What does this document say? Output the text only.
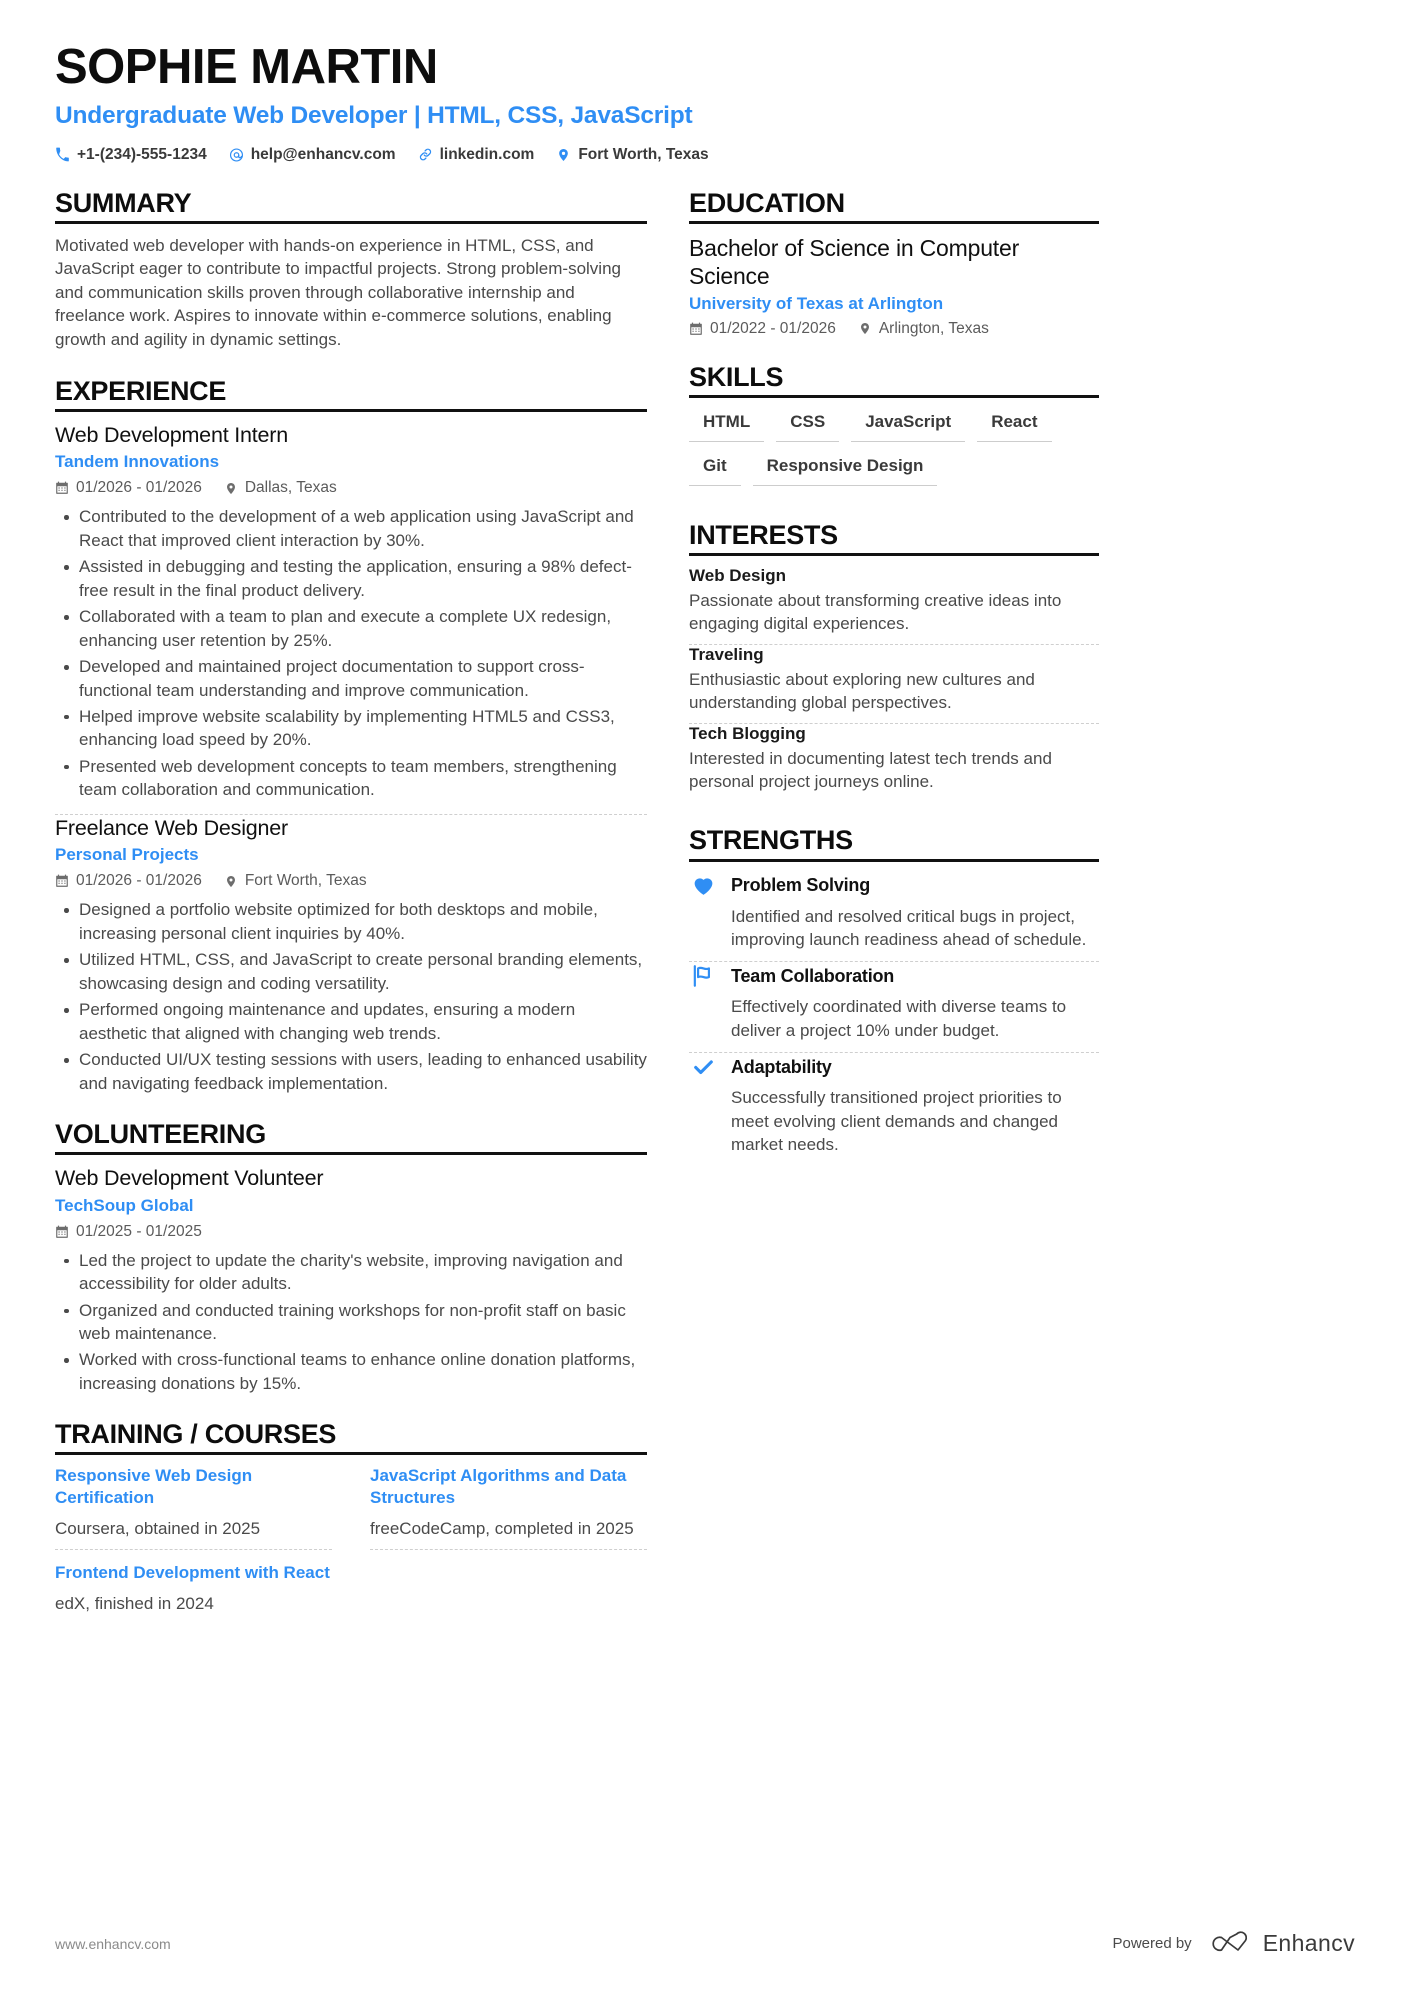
SOPHIE MARTIN
Undergraduate Web Developer | HTML, CSS, JavaScript
+1-(234)-555-1234	help@enhancv.com	linkedin.com	Fort Worth, Texas
SUMMARY
Motivated web developer with hands-on experience in HTML, CSS, and JavaScript eager to contribute to impactful projects. Strong problem-solving and communication skills proven through collaborative internship and freelance work. Aspires to innovate within e-commerce solutions, enabling growth and agility in dynamic settings.
EXPERIENCE
Web Development Intern
Tandem Innovations
01/2026 - 01/2026	Dallas, Texas
Contributed to the development of a web application using JavaScript and React that improved client interaction by 30%.
Assisted in debugging and testing the application, ensuring a 98% defect-free result in the final product delivery.
Collaborated with a team to plan and execute a complete UX redesign, enhancing user retention by 25%.
Developed and maintained project documentation to support cross-functional team understanding and improve communication.
Helped improve website scalability by implementing HTML5 and CSS3, enhancing load speed by 20%.
Presented web development concepts to team members, strengthening team collaboration and communication.
Freelance Web Designer
Personal Projects
01/2026 - 01/2026	Fort Worth, Texas
Designed a portfolio website optimized for both desktops and mobile, increasing personal client inquiries by 40%.
Utilized HTML, CSS, and JavaScript to create personal branding elements, showcasing design and coding versatility.
Performed ongoing maintenance and updates, ensuring a modern aesthetic that aligned with changing web trends.
Conducted UI/UX testing sessions with users, leading to enhanced usability and navigating feedback implementation.
VOLUNTEERING
Web Development Volunteer
TechSoup Global
01/2025 - 01/2025
Led the project to update the charity's website, improving navigation and accessibility for older adults.
Organized and conducted training workshops for non-profit staff on basic web maintenance.
Worked with cross-functional teams to enhance online donation platforms, increasing donations by 15%.
TRAINING / COURSES
Responsive Web Design Certification
Coursera, obtained in 2025
JavaScript Algorithms and Data Structures
freeCodeCamp, completed in 2025
Frontend Development with React
edX, finished in 2024
EDUCATION
Bachelor of Science in Computer Science
University of Texas at Arlington
01/2022 - 01/2026	Arlington, Texas
SKILLS
HTML	CSS	JavaScript	React
Git	Responsive Design
INTERESTS
Web Design
Passionate about transforming creative ideas into engaging digital experiences.
Traveling
Enthusiastic about exploring new cultures and understanding global perspectives.
Tech Blogging
Interested in documenting latest tech trends and personal project journeys online.
STRENGTHS
Problem Solving
Identified and resolved critical bugs in project, improving launch readiness ahead of schedule.
Team Collaboration
Effectively coordinated with diverse teams to deliver a project 10% under budget.
Adaptability
Successfully transitioned project priorities to meet evolving client demands and changed market needs.
www.enhancv.com	Powered by	Enhancv
